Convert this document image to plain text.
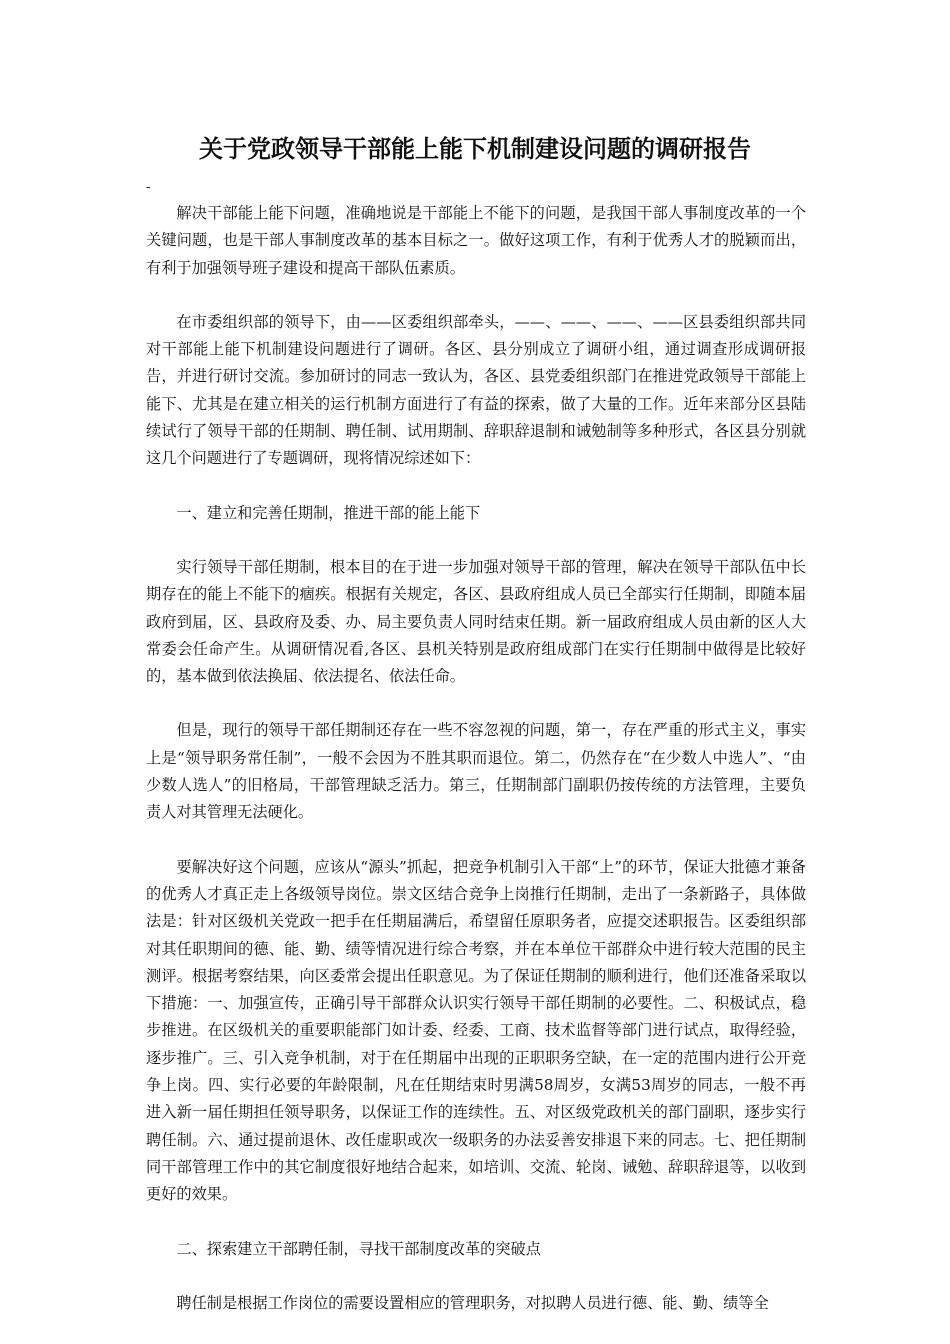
关于党政领导干部能上能下机制建设问题的调研报告
-

解决干部能上能下问题，准确地说是干部能上不能下的问题，是我国干部人事制度改革的一个关键问题，也是干部人事制度改革的基本目标之一。做好这项工作，有利于优秀人才的脱颖而出，有利于加强领导班子建设和提高干部队伍素质。

在市委组织部的领导下，由——区委组织部牵头，——、——、——、——区县委组织部共同对干部能上能下机制建设问题进行了调研。各区、县分别成立了调研小组，通过调查形成调研报告，并进行研讨交流。参加研讨的同志一致认为，各区、县党委组织部门在推进党政领导干部能上能下、尤其是在建立相关的运行机制方面进行了有益的探索，做了大量的工作。近年来部分区县陆续试行了领导干部的任期制、聘任制、试用期制、辞职辞退制和诫勉制等多种形式，各区县分别就这几个问题进行了专题调研，现将情况综述如下：

一、建立和完善任期制，推进干部的能上能下

实行领导干部任期制，根本目的在于进一步加强对领导干部的管理，解决在领导干部队伍中长期存在的能上不能下的痼疾。根据有关规定，各区、县政府组成人员已全部实行任期制，即随本届政府到届，区、县政府及委、办、局主要负责人同时结束任期。新一届政府组成人员由新的区人大常委会任命产生。从调研情况看,各区、县机关特别是政府组成部门在实行任期制中做得是比较好的，基本做到依法换届、依法提名、依法任命。

但是，现行的领导干部任期制还存在一些不容忽视的问题，第一，存在严重的形式主义，事实上是“领导职务常任制”，一般不会因为不胜其职而退位。第二，仍然存在“在少数人中选人”、“由少数人选人”的旧格局，干部管理缺乏活力。第三，任期制部门副职仍按传统的方法管理，主要负责人对其管理无法硬化。

要解决好这个问题，应该从“源头”抓起，把竞争机制引入干部“上”的环节，保证大批德才兼备的优秀人才真正走上各级领导岗位。崇文区结合竞争上岗推行任期制，走出了一条新路子，具体做法是：针对区级机关党政一把手在任期届满后，希望留任原职务者，应提交述职报告。区委组织部对其任职期间的德、能、勤、绩等情况进行综合考察，并在本单位干部群众中进行较大范围的民主测评。根据考察结果，向区委常会提出任职意见。为了保证任期制的顺利进行，他们还准备采取以下措施：一、加强宣传，正确引导干部群众认识实行领导干部任期制的必要性。二、积极试点，稳步推进。在区级机关的重要职能部门如计委、经委、工商、技术监督等部门进行试点，取得经验，逐步推广。三、引入竞争机制，对于在任期届中出现的正职职务空缺，在一定的范围内进行公开竞争上岗。四、实行必要的年龄限制，凡在任期结束时男满58周岁，女满53周岁的同志，一般不再进入新一届任期担任领导职务，以保证工作的连续性。五、对区级党政机关的部门副职，逐步实行聘任制。六、通过提前退休、改任虚职或次一级职务的办法妥善安排退下来的同志。七、把任期制同干部管理工作中的其它制度很好地结合起来，如培训、交流、轮岗、诫勉、辞职辞退等，以收到更好的效果。

二、探索建立干部聘任制，寻找干部制度改革的突破点

聘任制是根据工作岗位的需要设置相应的管理职务，对拟聘人员进行德、能、勤、绩等全
